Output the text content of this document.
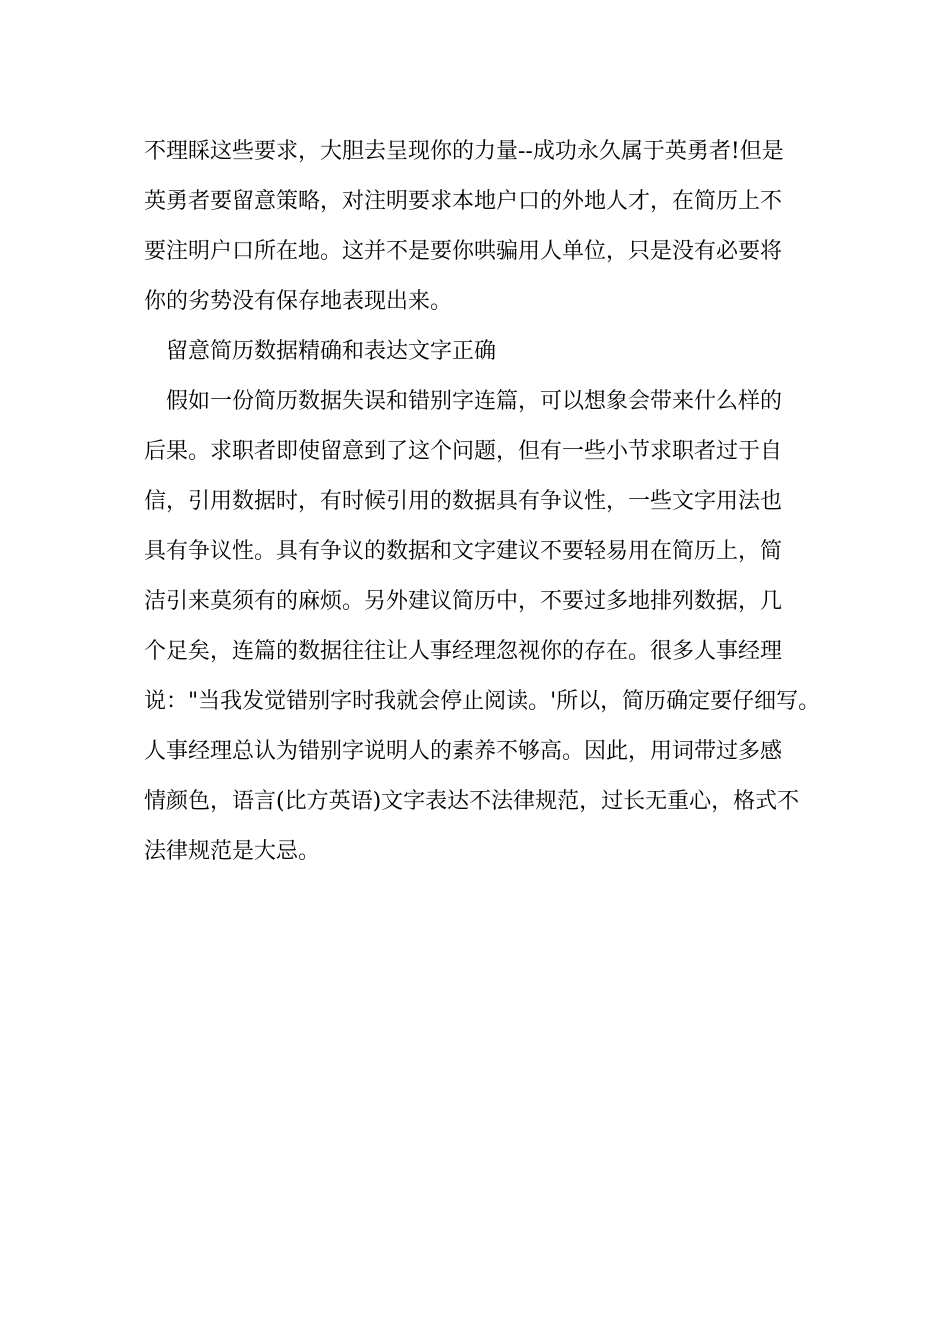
不理睬这些要求，大胆去呈现你的力量--成功永久属于英勇者!但是
英勇者要留意策略，对注明要求本地户口的外地人才，在简历上不
要注明户口所在地。这并不是要你哄骗用人单位，只是没有必要将
你的劣势没有保存地表现出来。
留意简历数据精确和表达文字正确
假如一份简历数据失误和错别字连篇，可以想象会带来什么样的
后果。求职者即使留意到了这个问题，但有一些小节求职者过于自
信，引用数据时，有时候引用的数据具有争议性，一些文字用法也
具有争议性。具有争议的数据和文字建议不要轻易用在简历上，简
洁引来莫须有的麻烦。另外建议简历中，不要过多地排列数据，几
个足矣，连篇的数据往往让人事经理忽视你的存在。很多人事经理
说："当我发觉错别字时我就会停止阅读。'所以，简历确定要仔细写。
人事经理总认为错别字说明人的素养不够高。因此，用词带过多感
情颜色，语言(比方英语)文字表达不法律规范，过长无重心，格式不
法律规范是大忌。
